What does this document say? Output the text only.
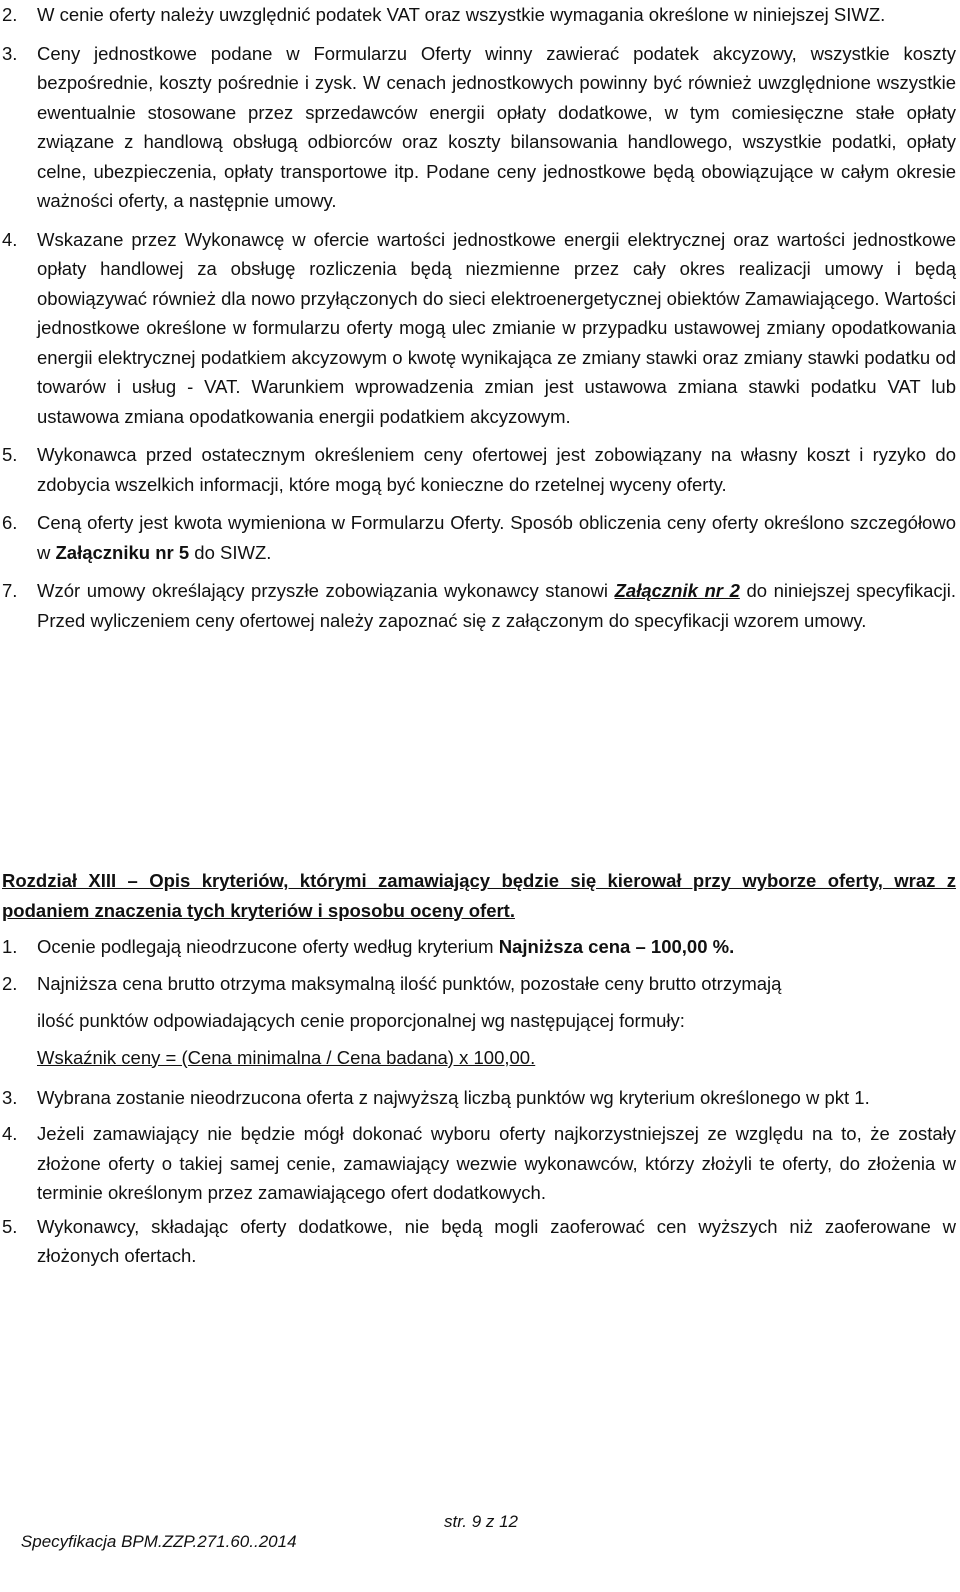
2.	W cenie oferty należy uwzględnić podatek VAT oraz wszystkie wymagania określone w niniejszej SIWZ.
3.	Ceny jednostkowe podane w Formularzu Oferty winny zawierać podatek akcyzowy, wszystkie koszty bezpośrednie, koszty pośrednie i zysk. W cenach jednostkowych powinny być również uwzględnione wszystkie ewentualnie stosowane przez sprzedawców energii opłaty dodatkowe, w tym comiesięczne stałe opłaty związane z handlową obsługą odbiorców oraz koszty bilansowania handlowego, wszystkie podatki, opłaty celne, ubezpieczenia, opłaty transportowe itp. Podane ceny jednostkowe będą obowiązujące w całym okresie ważności oferty, a następnie umowy.
4.	Wskazane przez Wykonawcę w ofercie wartości jednostkowe energii elektrycznej oraz wartości jednostkowe opłaty handlowej za obsługę rozliczenia będą niezmienne przez cały okres realizacji umowy i będą obowiązywać również dla nowo przyłączonych do sieci elektroenergetycznej obiektów Zamawiającego. Wartości jednostkowe określone w formularzu oferty mogą ulec zmianie w przypadku ustawowej zmiany opodatkowania energii elektrycznej podatkiem akcyzowym o kwotę wynikająca ze zmiany stawki oraz zmiany stawki podatku od towarów i usług - VAT. Warunkiem wprowadzenia zmian jest ustawowa zmiana stawki podatku VAT lub ustawowa zmiana opodatkowania energii podatkiem akcyzowym.
5.	Wykonawca przed ostatecznym określeniem ceny ofertowej jest zobowiązany na własny koszt i ryzyko do zdobycia wszelkich informacji, które mogą być konieczne do rzetelnej wyceny oferty.
6.	Ceną oferty jest kwota wymieniona w Formularzu Oferty. Sposób obliczenia ceny oferty określono szczegółowo w Załączniku nr 5 do SIWZ.
7.	Wzór umowy określający przyszłe zobowiązania wykonawcy stanowi Załącznik nr 2 do niniejszej specyfikacji. Przed wyliczeniem ceny ofertowej należy zapoznać się z załączonym do specyfikacji wzorem umowy.
Rozdział XIII – Opis kryteriów, którymi zamawiający będzie się kierował przy wyborze oferty, wraz z podaniem znaczenia tych kryteriów i sposobu oceny ofert.
1.	Ocenie podlegają nieodrzucone oferty według kryterium Najniższa cena – 100,00 %.
2.	Najniższa cena brutto otrzyma maksymalną ilość punktów, pozostałe ceny brutto otrzymają
ilość punktów odpowiadających cenie proporcjonalnej wg następującej formuły:
Wskaźnik ceny = (Cena minimalna / Cena badana) x 100,00.
3.	Wybrana zostanie nieodrzucona oferta z najwyższą liczbą punktów wg kryterium określonego w pkt 1.
4.	Jeżeli zamawiający nie będzie mógł dokonać wyboru oferty najkorzystniejszej ze względu na to, że zostały złożone oferty o takiej samej cenie, zamawiający wezwie wykonawców, którzy złożyli te oferty, do złożenia w terminie określonym przez zamawiającego ofert dodatkowych.
5.	Wykonawcy, składając oferty dodatkowe, nie będą mogli zaoferować cen wyższych niż zaoferowane w złożonych ofertach.

Specyfikacja BPM.ZZP.271.60..2014

str. 9 z 12
